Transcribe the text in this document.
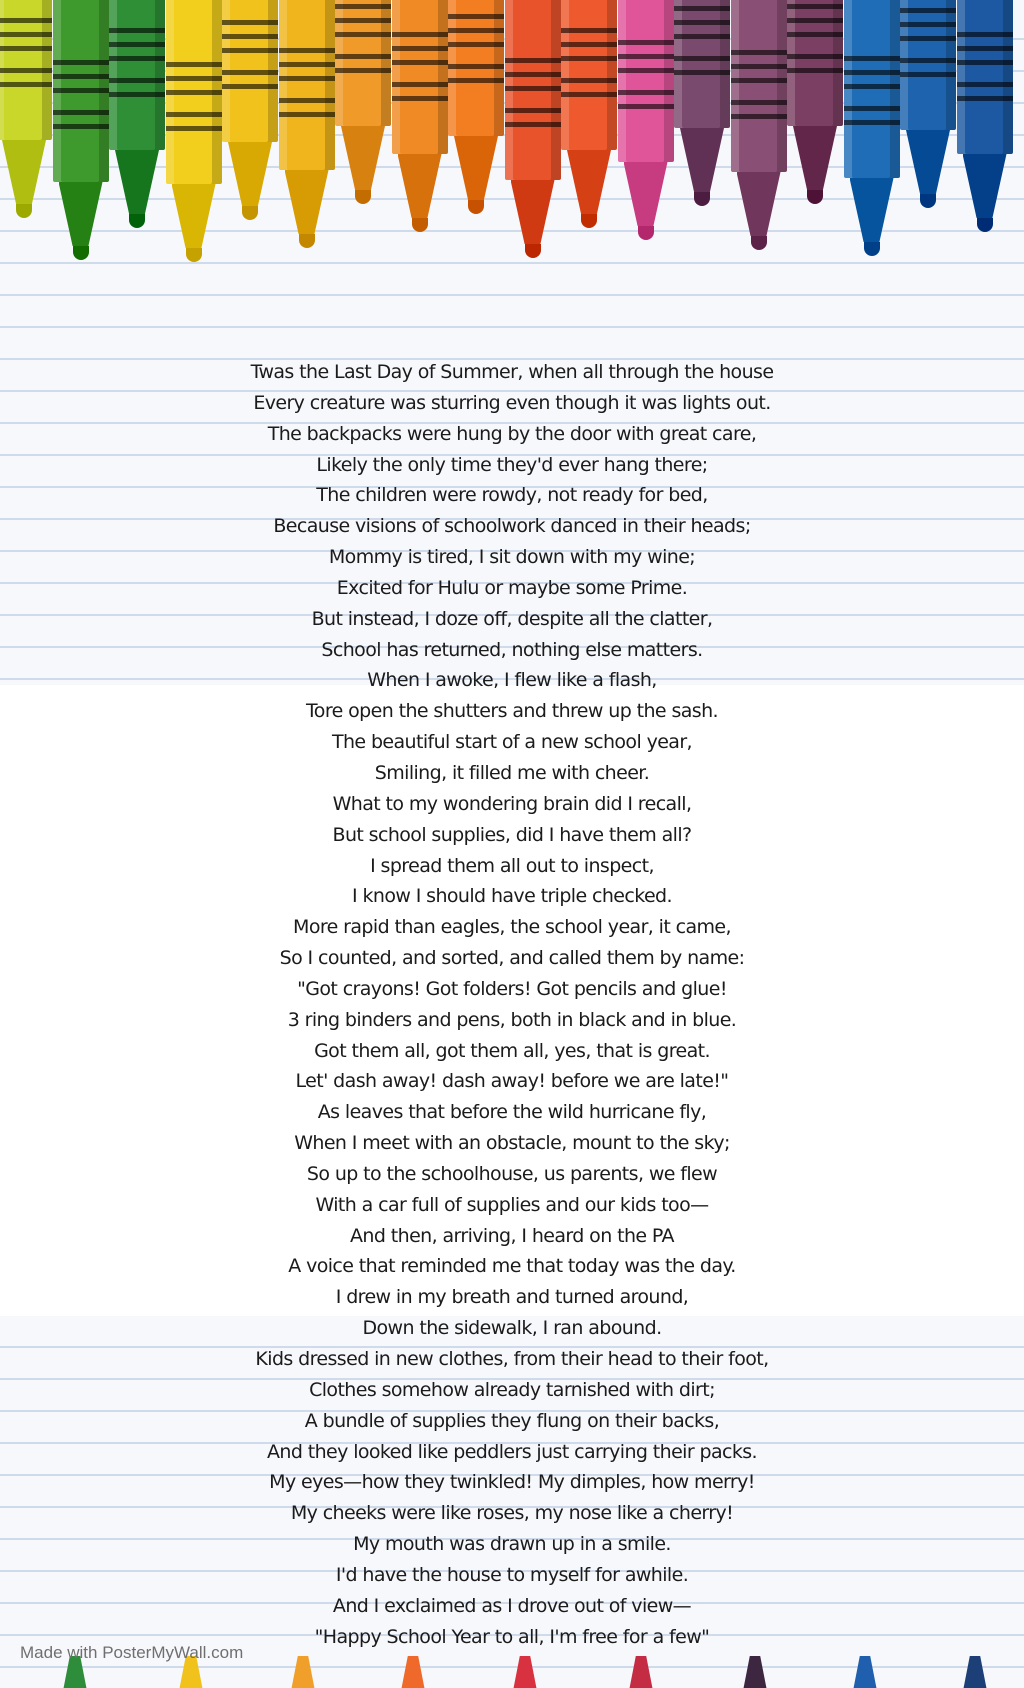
Twas the Last Day of Summer, when all through the house
Every creature was sturring even though it was lights out.
The backpacks were hung by the door with great care,
Likely the only time they'd ever hang there;
The children were rowdy, not ready for bed,
Because visions of schoolwork danced in their heads;
Mommy is tired, I sit down with my wine;
Excited for Hulu or maybe some Prime.
But instead, I doze off, despite all the clatter,
School has returned, nothing else matters.
When I awoke, I flew like a flash,
Tore open the shutters and threw up the sash.
The beautiful start of a new school year,
Smiling, it filled me with cheer.
What to my wondering brain did I recall,
But school supplies, did I have them all?
I spread them all out to inspect,
I know I should have triple checked.
More rapid than eagles, the school year, it came,
So I counted, and sorted, and called them by name:
"Got crayons! Got folders! Got pencils and glue!
3 ring binders and pens, both in black and in blue.
Got them all, got them all, yes, that is great.
Let' dash away! dash away! before we are late!"
As leaves that before the wild hurricane fly,
When I meet with an obstacle, mount to the sky;
So up to the schoolhouse, us parents, we flew
With a car full of supplies and our kids too—
And then, arriving, I heard on the PA
A voice that reminded me that today was the day.
I drew in my breath and turned around,
Down the sidewalk, I ran abound.
Kids dressed in new clothes, from their head to their foot,
Clothes somehow already tarnished with dirt;
A bundle of supplies they flung on their backs,
And they looked like peddlers just carrying their packs.
My eyes—how they twinkled! My dimples, how merry!
My cheeks were like roses, my nose like a cherry!
My mouth was drawn up in a smile.
I'd have the house to myself for awhile.
And I exclaimed as I drove out of view—
"Happy School Year to all, I'm free for a few"
Made with PosterMyWall.com
